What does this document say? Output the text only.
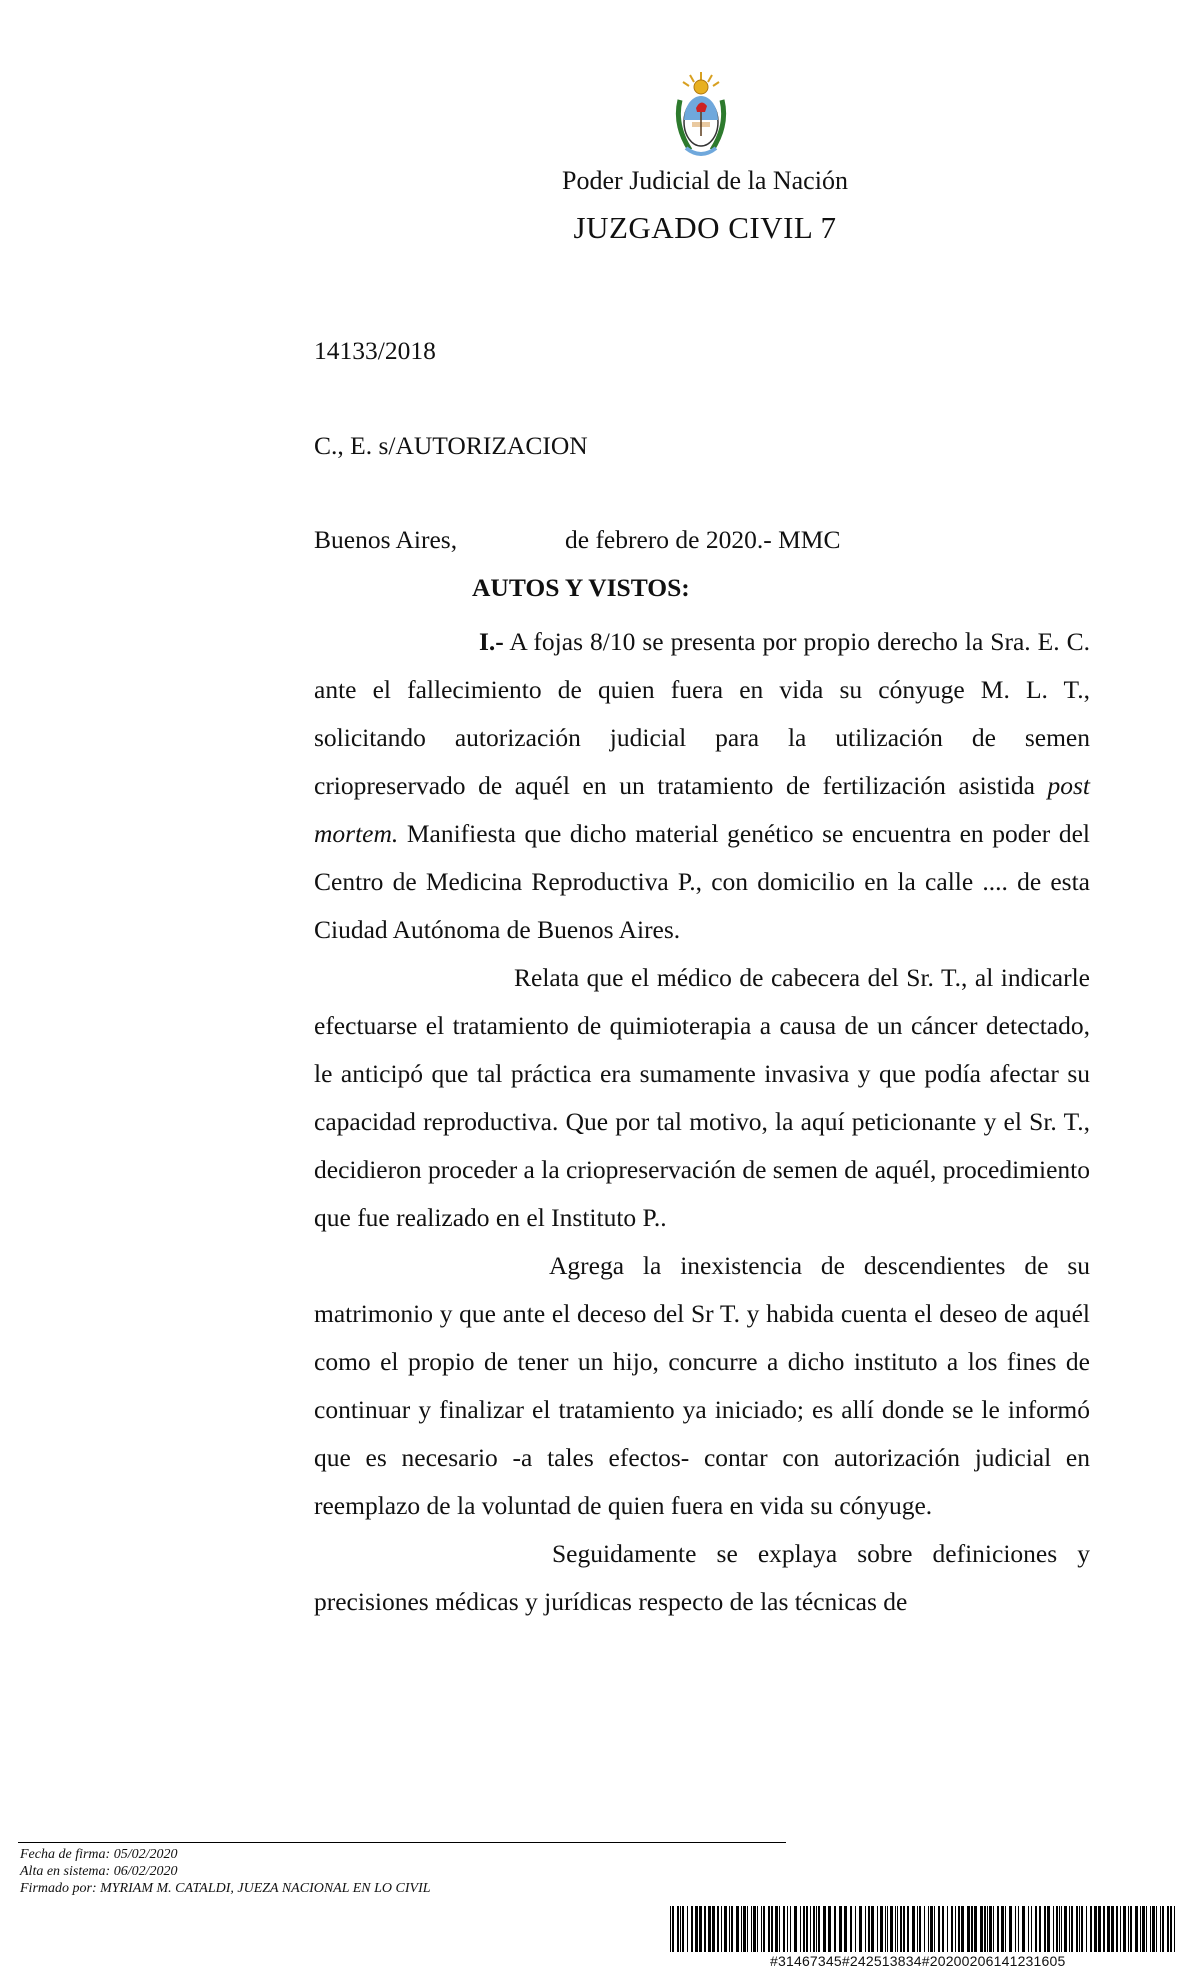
Poder Judicial de la Nación
JUZGADO CIVIL 7
14133/2018
C., E. s/AUTORIZACION
Buenos Aires,	de febrero de 2020.- MMC
AUTOS Y VISTOS:

I.- A fojas 8/10 se presenta por propio derecho la Sra. E. C. ante el fallecimiento de quien fuera en vida su cónyuge M. L. T., solicitando autorización judicial para la utilización de semen criopreservado de aquél en un tratamiento de fertilización asistida post mortem. Manifiesta que dicho material genético se encuentra en poder del Centro de Medicina Reproductiva P., con domicilio en la calle .... de esta Ciudad Autónoma de Buenos Aires.

Relata que el médico de cabecera del Sr. T., al indicarle efectuarse el tratamiento de quimioterapia a causa de un cáncer detectado, le anticipó que tal práctica era sumamente invasiva y que podía afectar su capacidad reproductiva. Que por tal motivo, la aquí peticionante y el Sr. T., decidieron proceder a la criopreservación de semen de aquél, procedimiento que fue realizado en el Instituto P..

Agrega la inexistencia de descendientes de su matrimonio y que ante el deceso del Sr T. y habida cuenta el deseo de aquél como el propio de tener un hijo, concurre a dicho instituto a los fines de continuar y finalizar el tratamiento ya iniciado; es allí donde se le informó que es necesario -a tales efectos- contar con autorización judicial en reemplazo de la voluntad de quien fuera en vida su cónyuge.

Seguidamente se explaya sobre definiciones y precisiones médicas y jurídicas respecto de las técnicas de

Fecha de firma: 05/02/2020
Alta en sistema: 06/02/2020
Firmado por: MYRIAM M. CATALDI, JUEZA NACIONAL EN LO CIVIL
#31467345#242513834#20200206141231605
